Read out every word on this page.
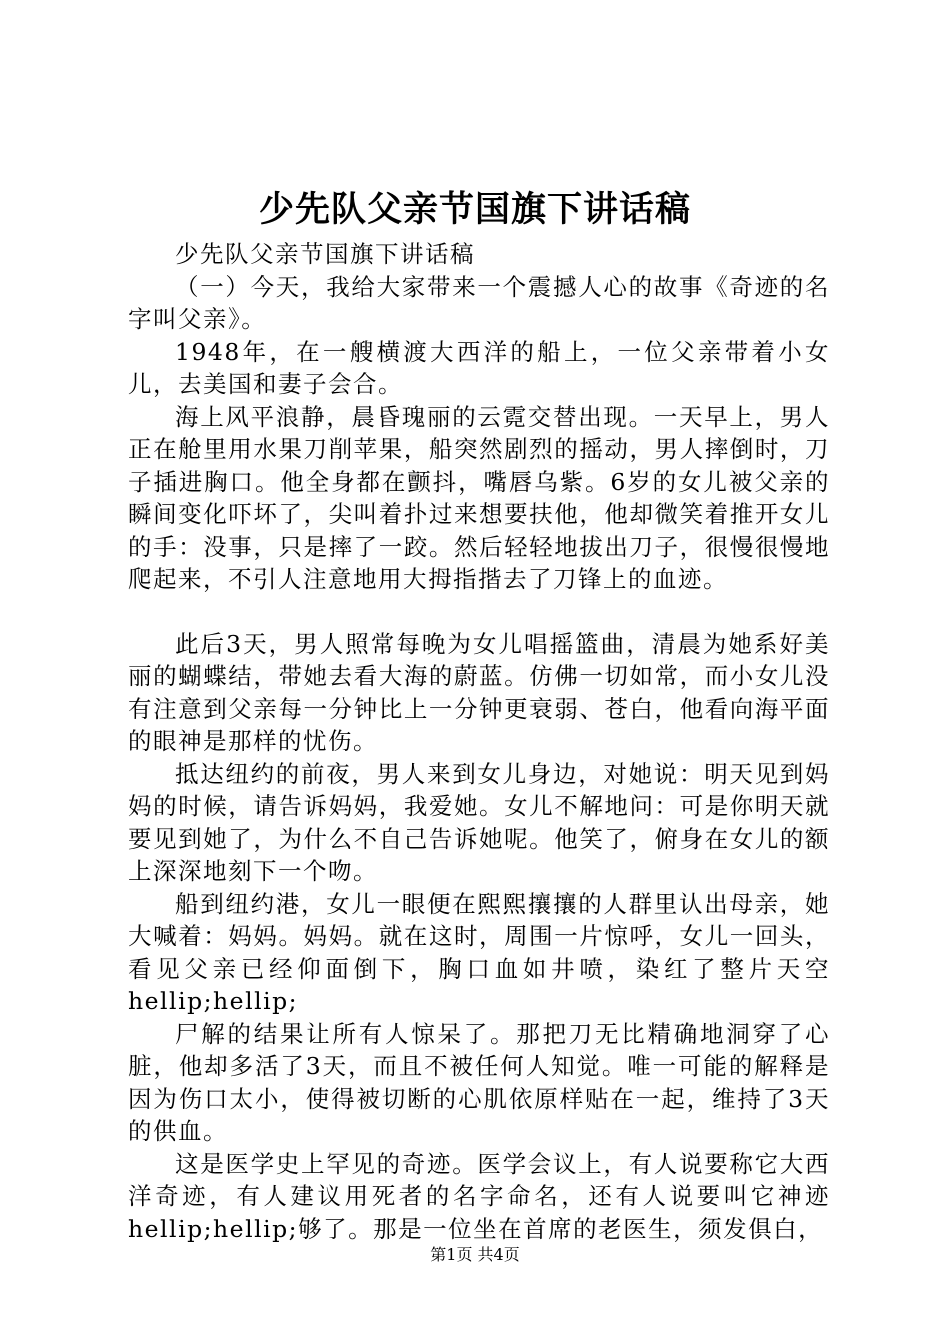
少先队父亲节国旗下讲话稿

少先队父亲节国旗下讲话稿

（一）今天，我给大家带来一个震撼人心的故事《奇迹的名字叫父亲》。

1948年，在一艘横渡大西洋的船上，一位父亲带着小女儿，去美国和妻子会合。

海上风平浪静，晨昏瑰丽的云霓交替出现。一天早上，男人正在舱里用水果刀削苹果，船突然剧烈的摇动，男人摔倒时，刀子插进胸口。他全身都在颤抖，嘴唇乌紫。6岁的女儿被父亲的瞬间变化吓坏了，尖叫着扑过来想要扶他，他却微笑着推开女儿的手：没事，只是摔了一跤。然后轻轻地拔出刀子，很慢很慢地爬起来，不引人注意地用大拇指揩去了刀锋上的血迹。

此后3天，男人照常每晚为女儿唱摇篮曲，清晨为她系好美丽的蝴蝶结，带她去看大海的蔚蓝。仿佛一切如常，而小女儿没有注意到父亲每一分钟比上一分钟更衰弱、苍白，他看向海平面的眼神是那样的忧伤。

抵达纽约的前夜，男人来到女儿身边，对她说：明天见到妈妈的时候，请告诉妈妈，我爱她。女儿不解地问：可是你明天就要见到她了，为什么不自己告诉她呢。他笑了，俯身在女儿的额上深深地刻下一个吻。

船到纽约港，女儿一眼便在熙熙攘攘的人群里认出母亲，她大喊着：妈妈。妈妈。就在这时，周围一片惊呼，女儿一回头，看见父亲已经仰面倒下，胸口血如井喷，染红了整片天空hellip;hellip;

尸解的结果让所有人惊呆了。那把刀无比精确地洞穿了心脏，他却多活了3天，而且不被任何人知觉。唯一可能的解释是因为伤口太小，使得被切断的心肌依原样贴在一起，维持了3天的供血。

这是医学史上罕见的奇迹。医学会议上，有人说要称它大西洋奇迹，有人建议用死者的名字命名，还有人说要叫它神迹hellip;hellip;够了。那是一位坐在首席的老医生，须发俱白，

第1页 共4页
